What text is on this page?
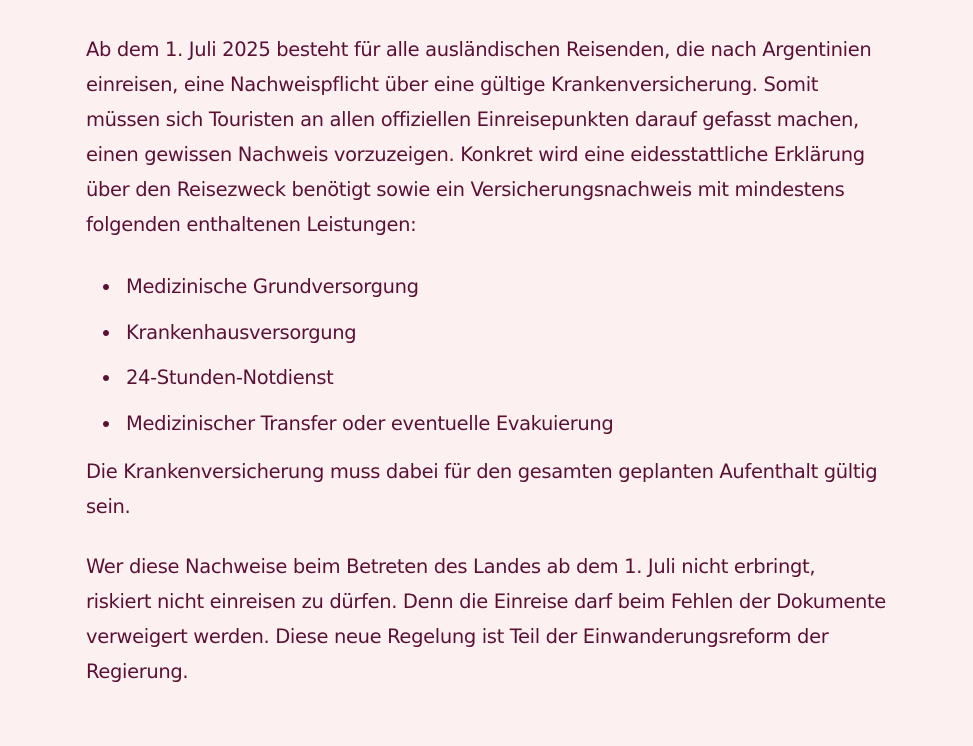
Ab dem 1. Juli 2025 besteht für alle ausländischen Reisenden, die nach Argentinien einreisen, eine Nachweispflicht über eine gültige Krankenversicherung. Somit müssen sich Touristen an allen offiziellen Einreisepunkten darauf gefasst machen, einen gewissen Nachweis vorzuzeigen. Konkret wird eine eidesstattliche Erklärung über den Reisezweck benötigt sowie ein Versicherungsnachweis mit mindestens folgenden enthaltenen Leistungen:

Medizinische Grundversorgung
Krankenhausversorgung
24-Stunden-Notdienst
Medizinischer Transfer oder eventuelle Evakuierung

Die Krankenversicherung muss dabei für den gesamten geplanten Aufenthalt gültig sein.

Wer diese Nachweise beim Betreten des Landes ab dem 1. Juli nicht erbringt, riskiert nicht einreisen zu dürfen. Denn die Einreise darf beim Fehlen der Dokumente verweigert werden. Diese neue Regelung ist Teil der Einwanderungsreform der Regierung.
